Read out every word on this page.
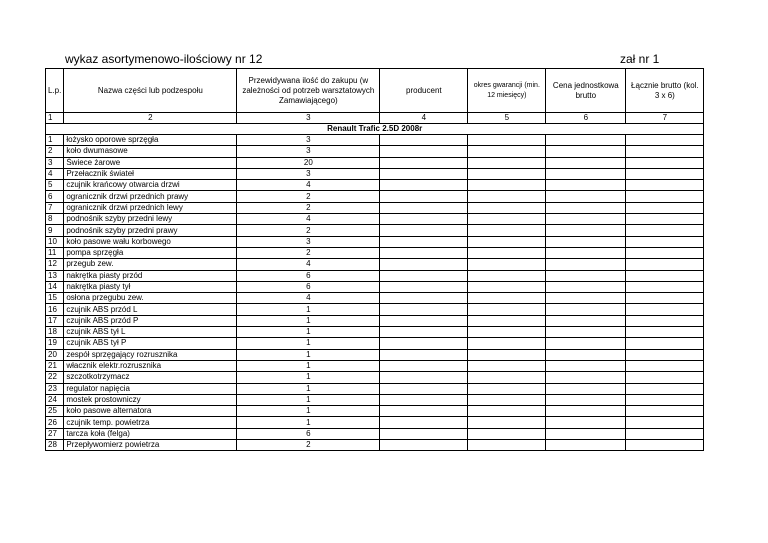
wykaz asortymenowo-ilościowy nr 12	zał nr 1
L.p.	Nazwa części lub podzespołu	Przewidywana ilość do zakupu (w zależności od potrzeb warsztatowych Zamawiającego)	producent	okres gwarancji (min. 12 miesięcy)	Cena jednostkowa brutto	Łącznie brutto (kol. 3 x 6)
1	2	3	4	5	6	7
Renault Trafic 2.5D 2008r						
1	łożysko oporowe sprzęgła	3				
2	koło dwumasowe	3				
3	Świece żarowe	20				
4	Przełacznik świateł	3				
5	czujnik krańcowy otwarcia drzwi	4				
6	ogranicznik drzwi przednich prawy	2				
7	ogranicznik drzwi przednich lewy	2				
8	podnośnik szyby przedni lewy	4				
9	podnośnik szyby przedni prawy	2				
10	koło pasowe wału korbowego	3				
11	pompa sprzęgła	2				
12	przegub zew.	4				
13	nakrętka piasty przód	6				
14	nakrętka piasty tył	6				
15	osłona przegubu zew.	4				
16	czujnik ABS przód L	1				
17	czujnik ABS przód P	1				
18	czujnik ABS tył L	1				
19	czujnik ABS tył P	1				
20	zespół sprzęgający rozrusznika	1				
21	włacznik elektr.rozrusznika	1				
22	szczotkotrzymacz	1				
23	regulator napięcia	1				
24	mostek prostowniczy	1				
25	koło pasowe alternatora	1				
26	czujnik temp. powietrza	1				
27	tarcza koła (felga)	6				
28	Przepływomierz powietrza	2				
